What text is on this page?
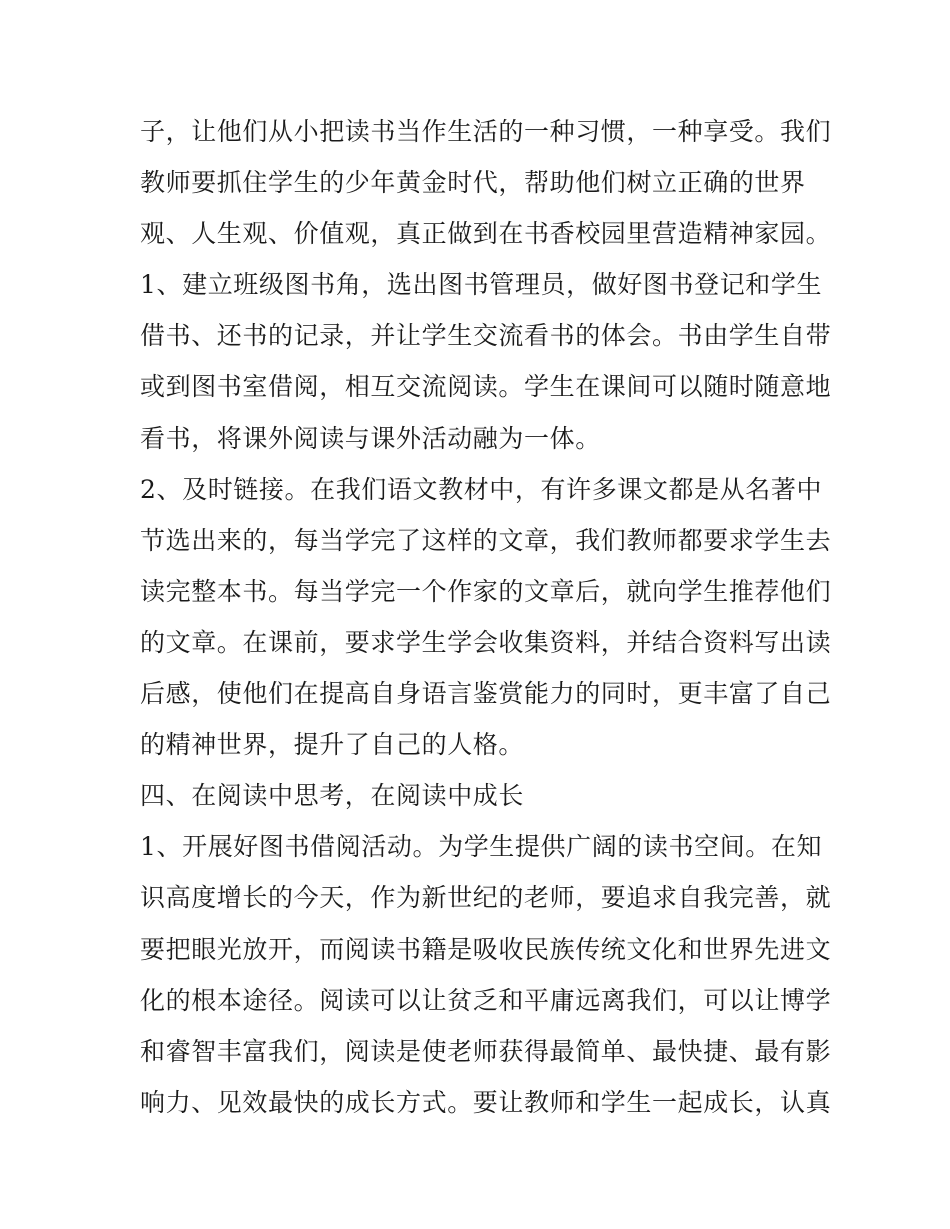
子，让他们从小把读书当作生活的一种习惯，一种享受。我们
教师要抓住学生的少年黄金时代，帮助他们树立正确的世界
观、人生观、价值观，真正做到在书香校园里营造精神家园。
1、建立班级图书角，选出图书管理员，做好图书登记和学生
借书、还书的记录，并让学生交流看书的体会。书由学生自带
或到图书室借阅，相互交流阅读。学生在课间可以随时随意地
看书，将课外阅读与课外活动融为一体。
2、及时链接。在我们语文教材中，有许多课文都是从名著中
节选出来的，每当学完了这样的文章，我们教师都要求学生去
读完整本书。每当学完一个作家的文章后，就向学生推荐他们
的文章。在课前，要求学生学会收集资料，并结合资料写出读
后感，使他们在提高自身语言鉴赏能力的同时，更丰富了自己
的精神世界，提升了自己的人格。
四、在阅读中思考，在阅读中成长
1、开展好图书借阅活动。为学生提供广阔的读书空间。在知
识高度增长的今天，作为新世纪的老师，要追求自我完善，就
要把眼光放开，而阅读书籍是吸收民族传统文化和世界先进文
化的根本途径。阅读可以让贫乏和平庸远离我们，可以让博学
和睿智丰富我们，阅读是使老师获得最简单、最快捷、最有影
响力、见效最快的成长方式。要让教师和学生一起成长，认真
